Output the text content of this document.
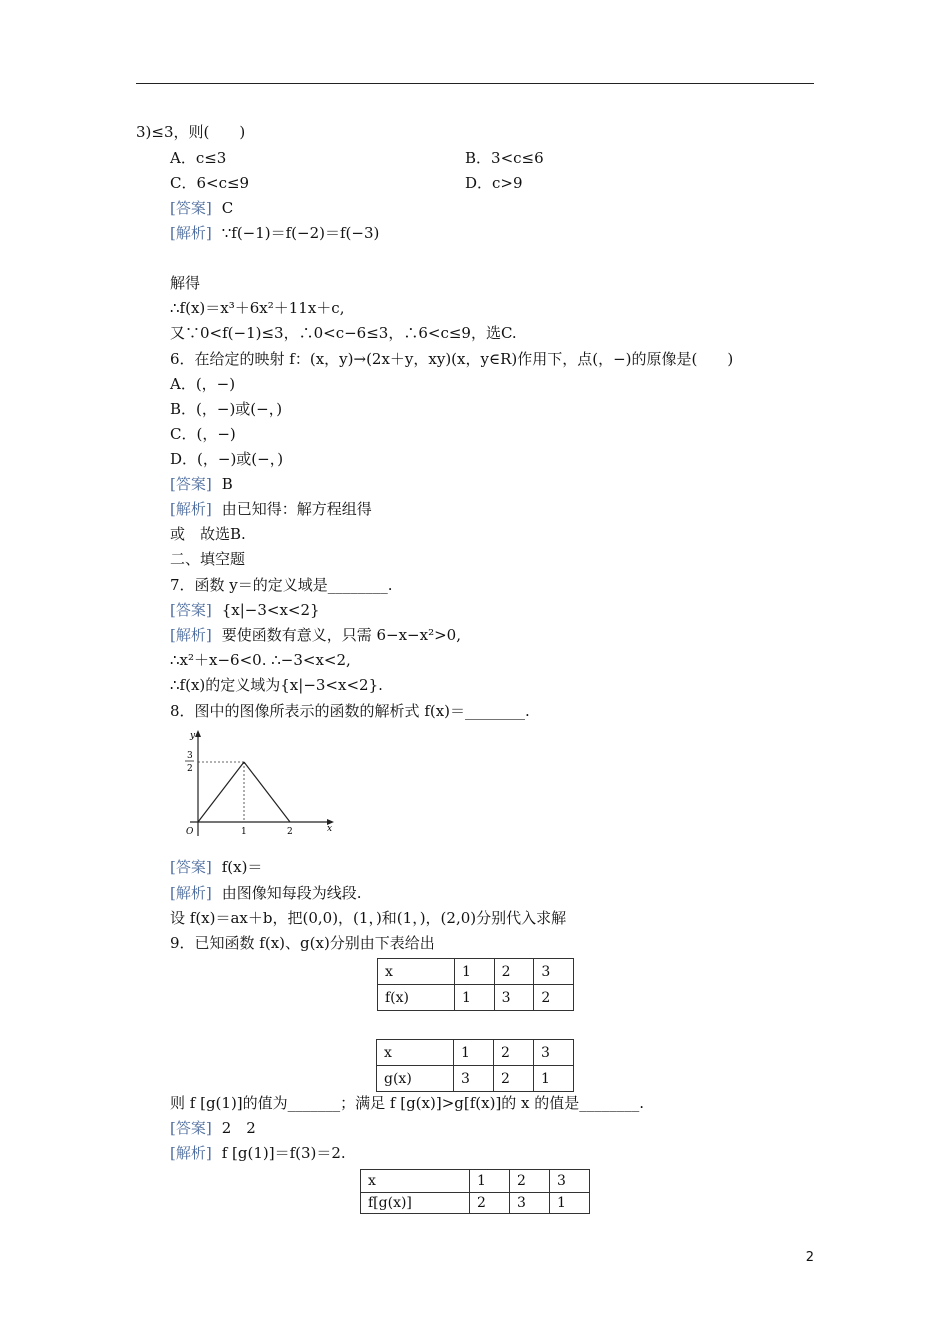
3)≤3，则(　　)
A．c≤3	B．3<c≤6
C．6<c≤9	D．c>9
[答案] C
[解析] ∵f(−1)＝f(−2)＝f(−3)
解得
∴f(x)＝x³＋6x²＋11x＋c,
又∵0<f(−1)≤3，∴0<c−6≤3，∴6<c≤9，选C.
6．在给定的映射 f：(x，y)→(2x＋y，xy)(x，y∈R)作用下，点(，−)的原像是(　　)
A．(，−)
B．(，−)或(−，)
C．(，−)
D．(，−)或(−，)
[答案] B
[解析] 由已知得：解方程组得
或　故选B.
二、填空题
7．函数 y＝的定义域是________.
[答案] {x|−3<x<2}
[解析] 要使函数有意义，只需 6−x−x²>0,
∴x²＋x−6<0. ∴−3<x<2,
∴f(x)的定义域为{x|−3<x<2}.
8．图中的图像所表示的函数的解析式 f(x)＝________.
y
x
O
3
2
1	2
[答案] f(x)＝
[解析] 由图像知每段为线段.
设 f(x)＝ax＋b，把(0,0)，(1，)和(1，)，(2,0)分别代入求解
9．已知函数 f(x)、g(x)分别由下表给出
x	1	2	3
f(x)	1	3	2
x	1	2	3
g(x)	3	2	1
则 f [g(1)]的值为_______；满足 f [g(x)]>g[f(x)]的 x 的值是________.
[答案] 2　2
[解析] f [g(1)]＝f(3)＝2.
x	1	2	3
f[g(x)]	2	3	1
2
